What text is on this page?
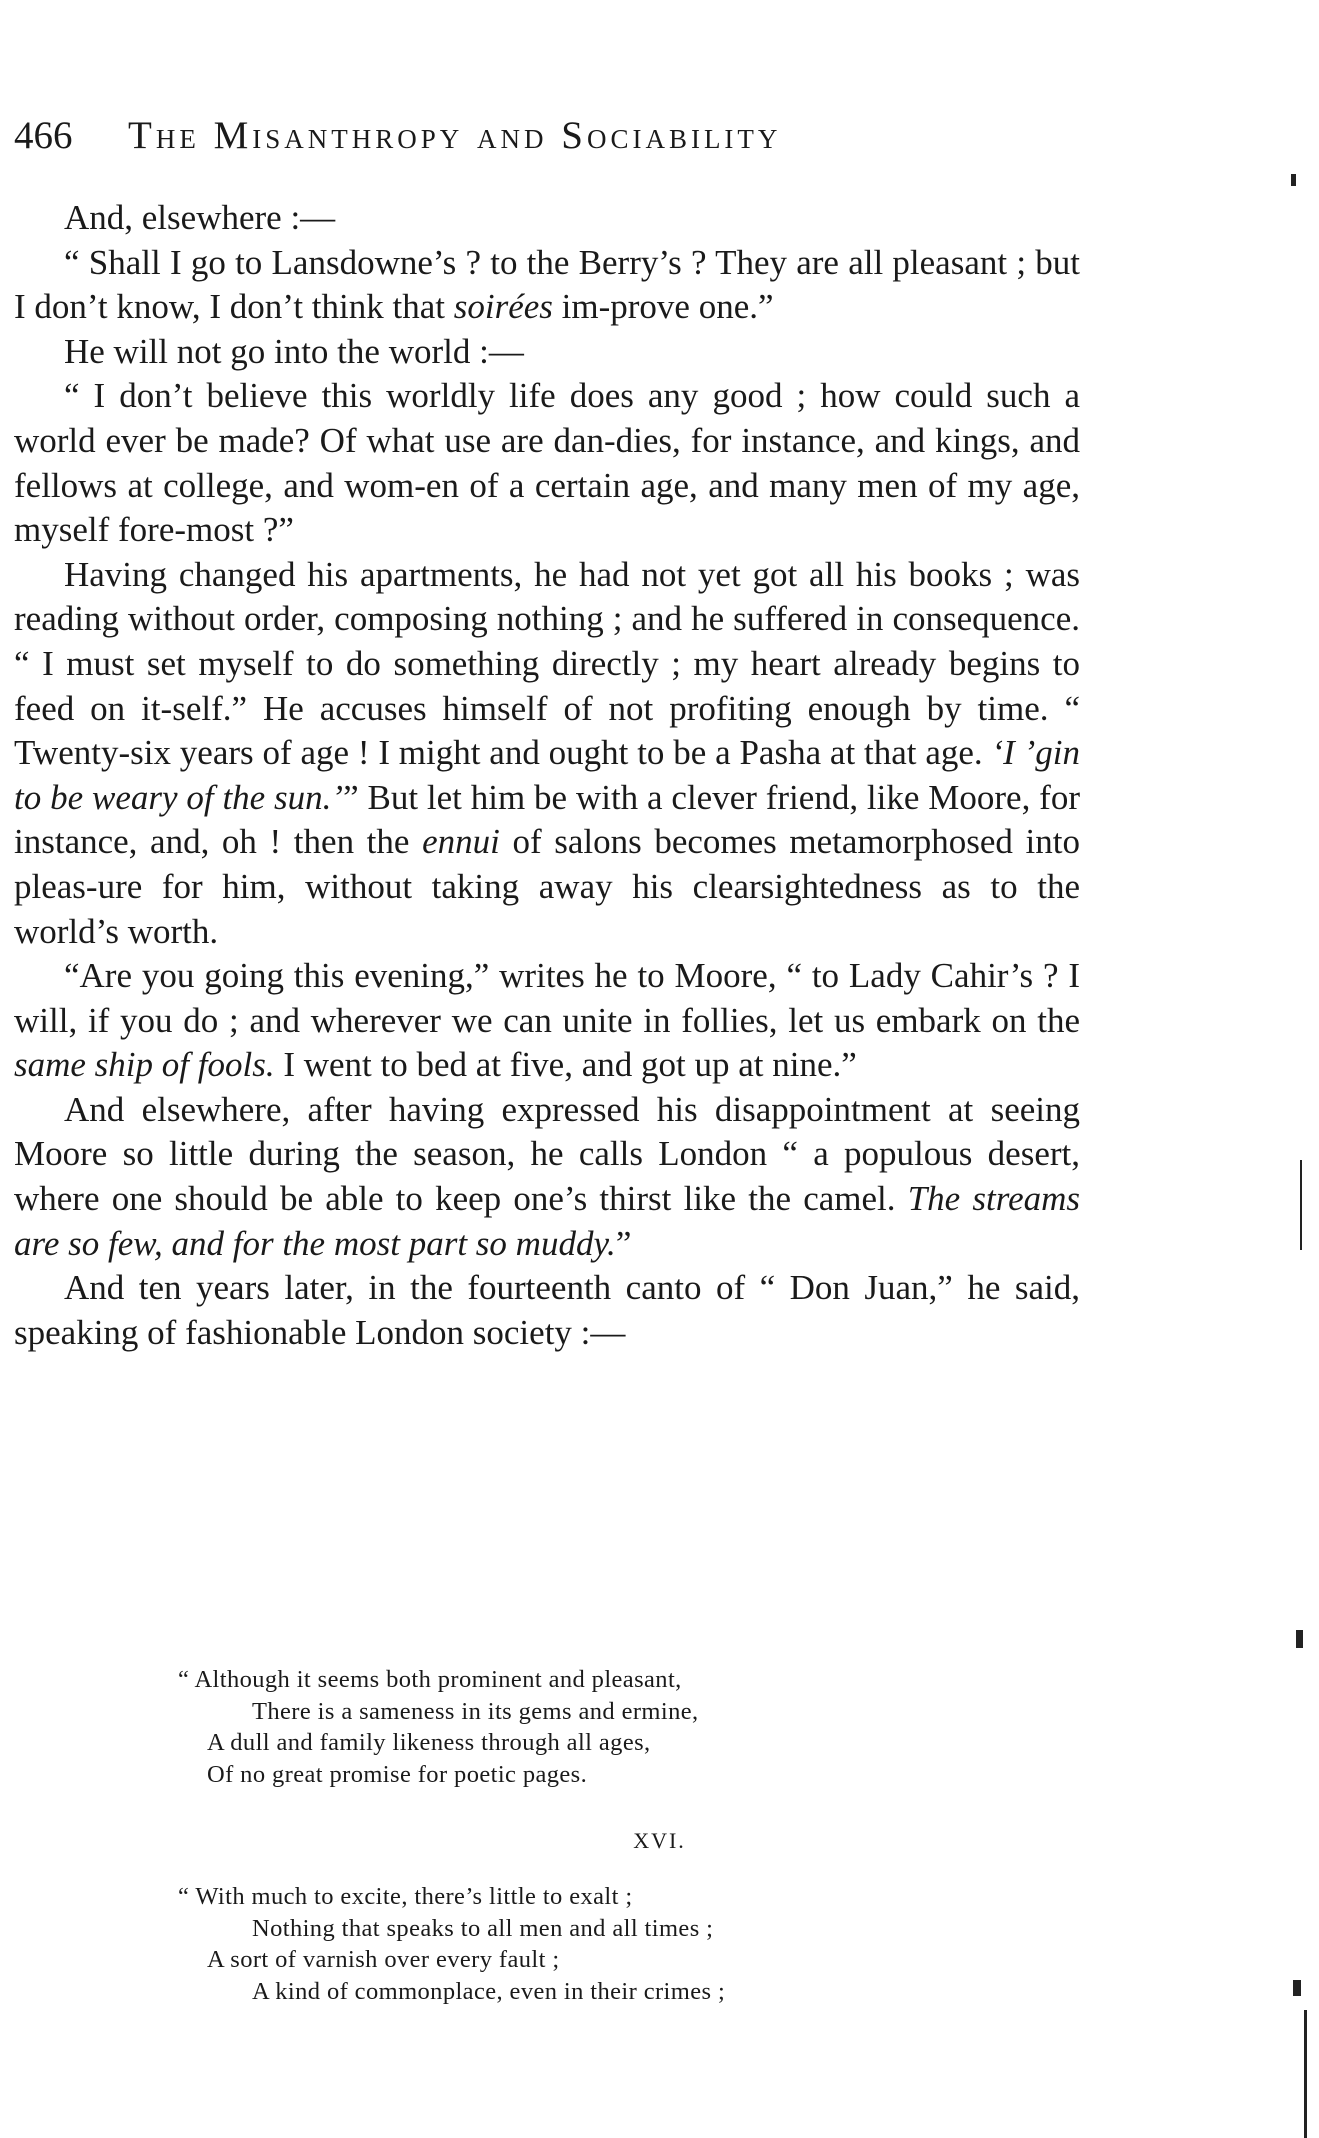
466 The Misanthropy and Sociability

And, elsewhere :—

“ Shall I go to Lansdowne’s ? to the Berry’s ? They are all pleasant ; but I don’t know, I don’t think that soirées im-prove one.”

He will not go into the world :—

“ I don’t believe this worldly life does any good ; how could such a world ever be made? Of what use are dan-dies, for instance, and kings, and fellows at college, and wom-en of a certain age, and many men of my age, myself fore-most ?”

Having changed his apartments, he had not yet got all his books ; was reading without order, composing nothing ; and he suffered in consequence. “ I must set myself to do something directly ; my heart already begins to feed on it-self.” He accuses himself of not profiting enough by time. “ Twenty-six years of age ! I might and ought to be a Pasha at that age. ‘I ’gin to be weary of the sun.’” But let him be with a clever friend, like Moore, for instance, and, oh ! then the ennui of salons becomes metamorphosed into pleas-ure for him, without taking away his clearsightedness as to the world’s worth.

“Are you going this evening,” writes he to Moore, “ to Lady Cahir’s ? I will, if you do ; and wherever we can unite in follies, let us embark on the same ship of fools. I went to bed at five, and got up at nine.”

And elsewhere, after having expressed his disappointment at seeing Moore so little during the season, he calls London “ a populous desert, where one should be able to keep one’s thirst like the camel. The streams are so few, and for the most part so muddy.”

And ten years later, in the fourteenth canto of “ Don Juan,” he said, speaking of fashionable London society :—

“ Although it seems both prominent and pleasant,
There is a sameness in its gems and ermine,
A dull and family likeness through all ages,
Of no great promise for poetic pages.
XVI.
“ With much to excite, there’s little to exalt ;
Nothing that speaks to all men and all times ;
A sort of varnish over every fault ;
A kind of commonplace, even in their crimes ;
